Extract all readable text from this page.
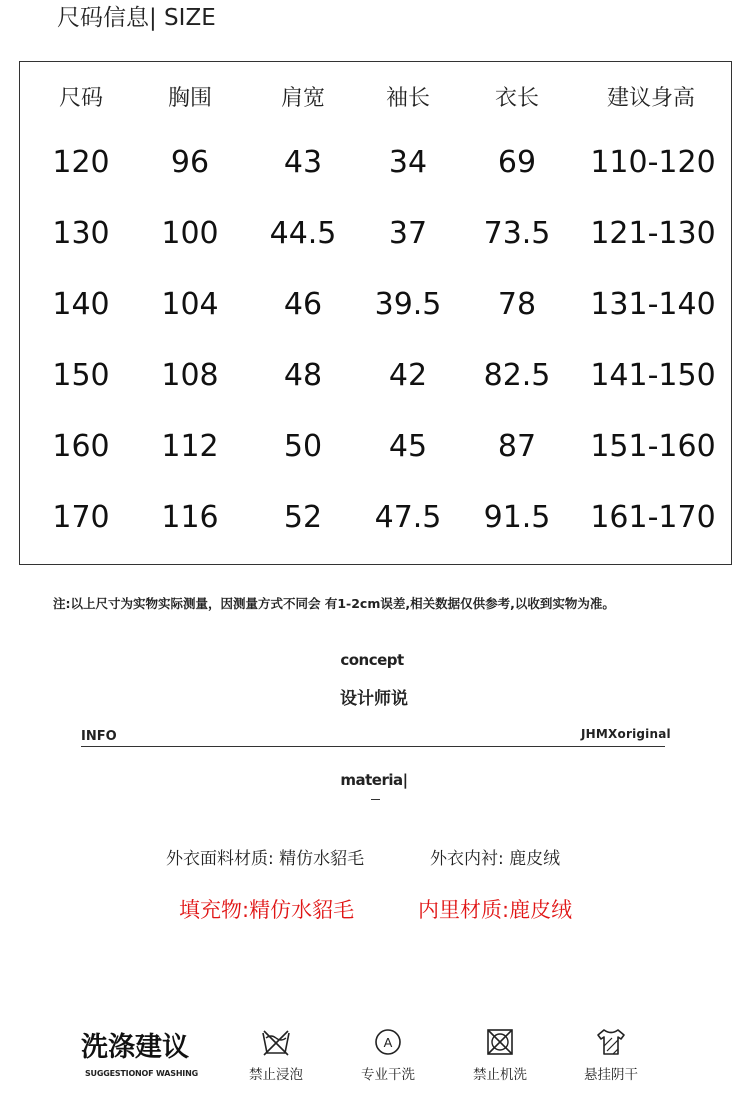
尺码信息| SIZE
尺码	胸围	肩宽	袖长	衣长	建议身高
120 96 43 34 69 110-120
130 100 44.5 37 73.5 121-130
140 104 46 39.5 78 131-140
150 108 48 42 82.5 141-150
160 112 50 45 87 151-160
170 116 52 47.5 91.5 161-170
注:以上尺寸为实物实际测量，因测量方式不同会 有1-2cm误差,相关数据仅供参考,以收到实物为准。
concept
设计师说
INFO	JHMXoriginal
materia|
外衣面料材质: 精仿水貂毛	外衣内衬: 鹿皮绒
填充物:精仿水貂毛	内里材质:鹿皮绒
洗涤建议
SUGGESTIONOF WASHING	禁止浸泡
A
专业干洗	禁止机洗	悬挂阴干
